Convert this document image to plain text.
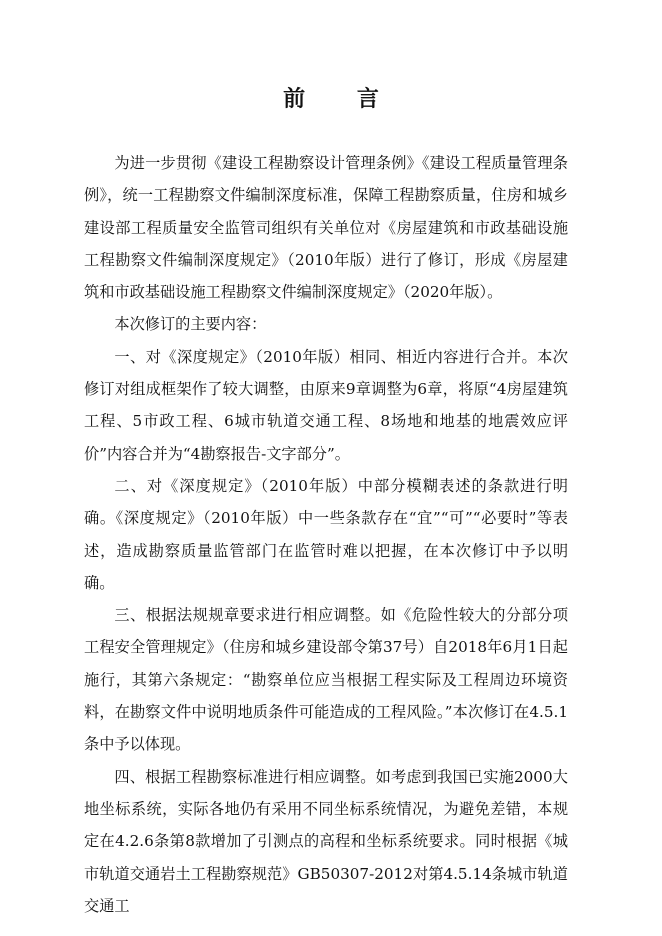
前 言

为进一步贯彻《建设工程勘察设计管理条例》《建设工程质量管理条例》，统一工程勘察文件编制深度标准，保障工程勘察质量，住房和城乡建设部工程质量安全监管司组织有关单位对《房屋建筑和市政基础设施工程勘察文件编制深度规定》（2010年版）进行了修订，形成《房屋建筑和市政基础设施工程勘察文件编制深度规定》（2020年版）。

本次修订的主要内容：

一、对《深度规定》（2010年版）相同、相近内容进行合并。本次修订对组成框架作了较大调整，由原来9章调整为6章，将原“4房屋建筑工程、5市政工程、6城市轨道交通工程、8场地和地基的地震效应评价”内容合并为“4勘察报告-文字部分”。

二、对《深度规定》（2010年版）中部分模糊表述的条款进行明确。《深度规定》（2010年版）中一些条款存在“宜”“可”“必要时”等表述，造成勘察质量监管部门在监管时难以把握，在本次修订中予以明确。

三、根据法规规章要求进行相应调整。如《危险性较大的分部分项工程安全管理规定》（住房和城乡建设部令第37号）自2018年6月1日起施行，其第六条规定：“勘察单位应当根据工程实际及工程周边环境资料，在勘察文件中说明地质条件可能造成的工程风险。”本次修订在4.5.1条中予以体现。

四、根据工程勘察标准进行相应调整。如考虑到我国已实施2000大地坐标系统，实际各地仍有采用不同坐标系统情况，为避免差错，本规定在4.2.6条第8款增加了引测点的高程和坐标系统要求。同时根据《城市轨道交通岩土工程勘察规范》GB50307-2012对第4.5.14条城市轨道交通工
